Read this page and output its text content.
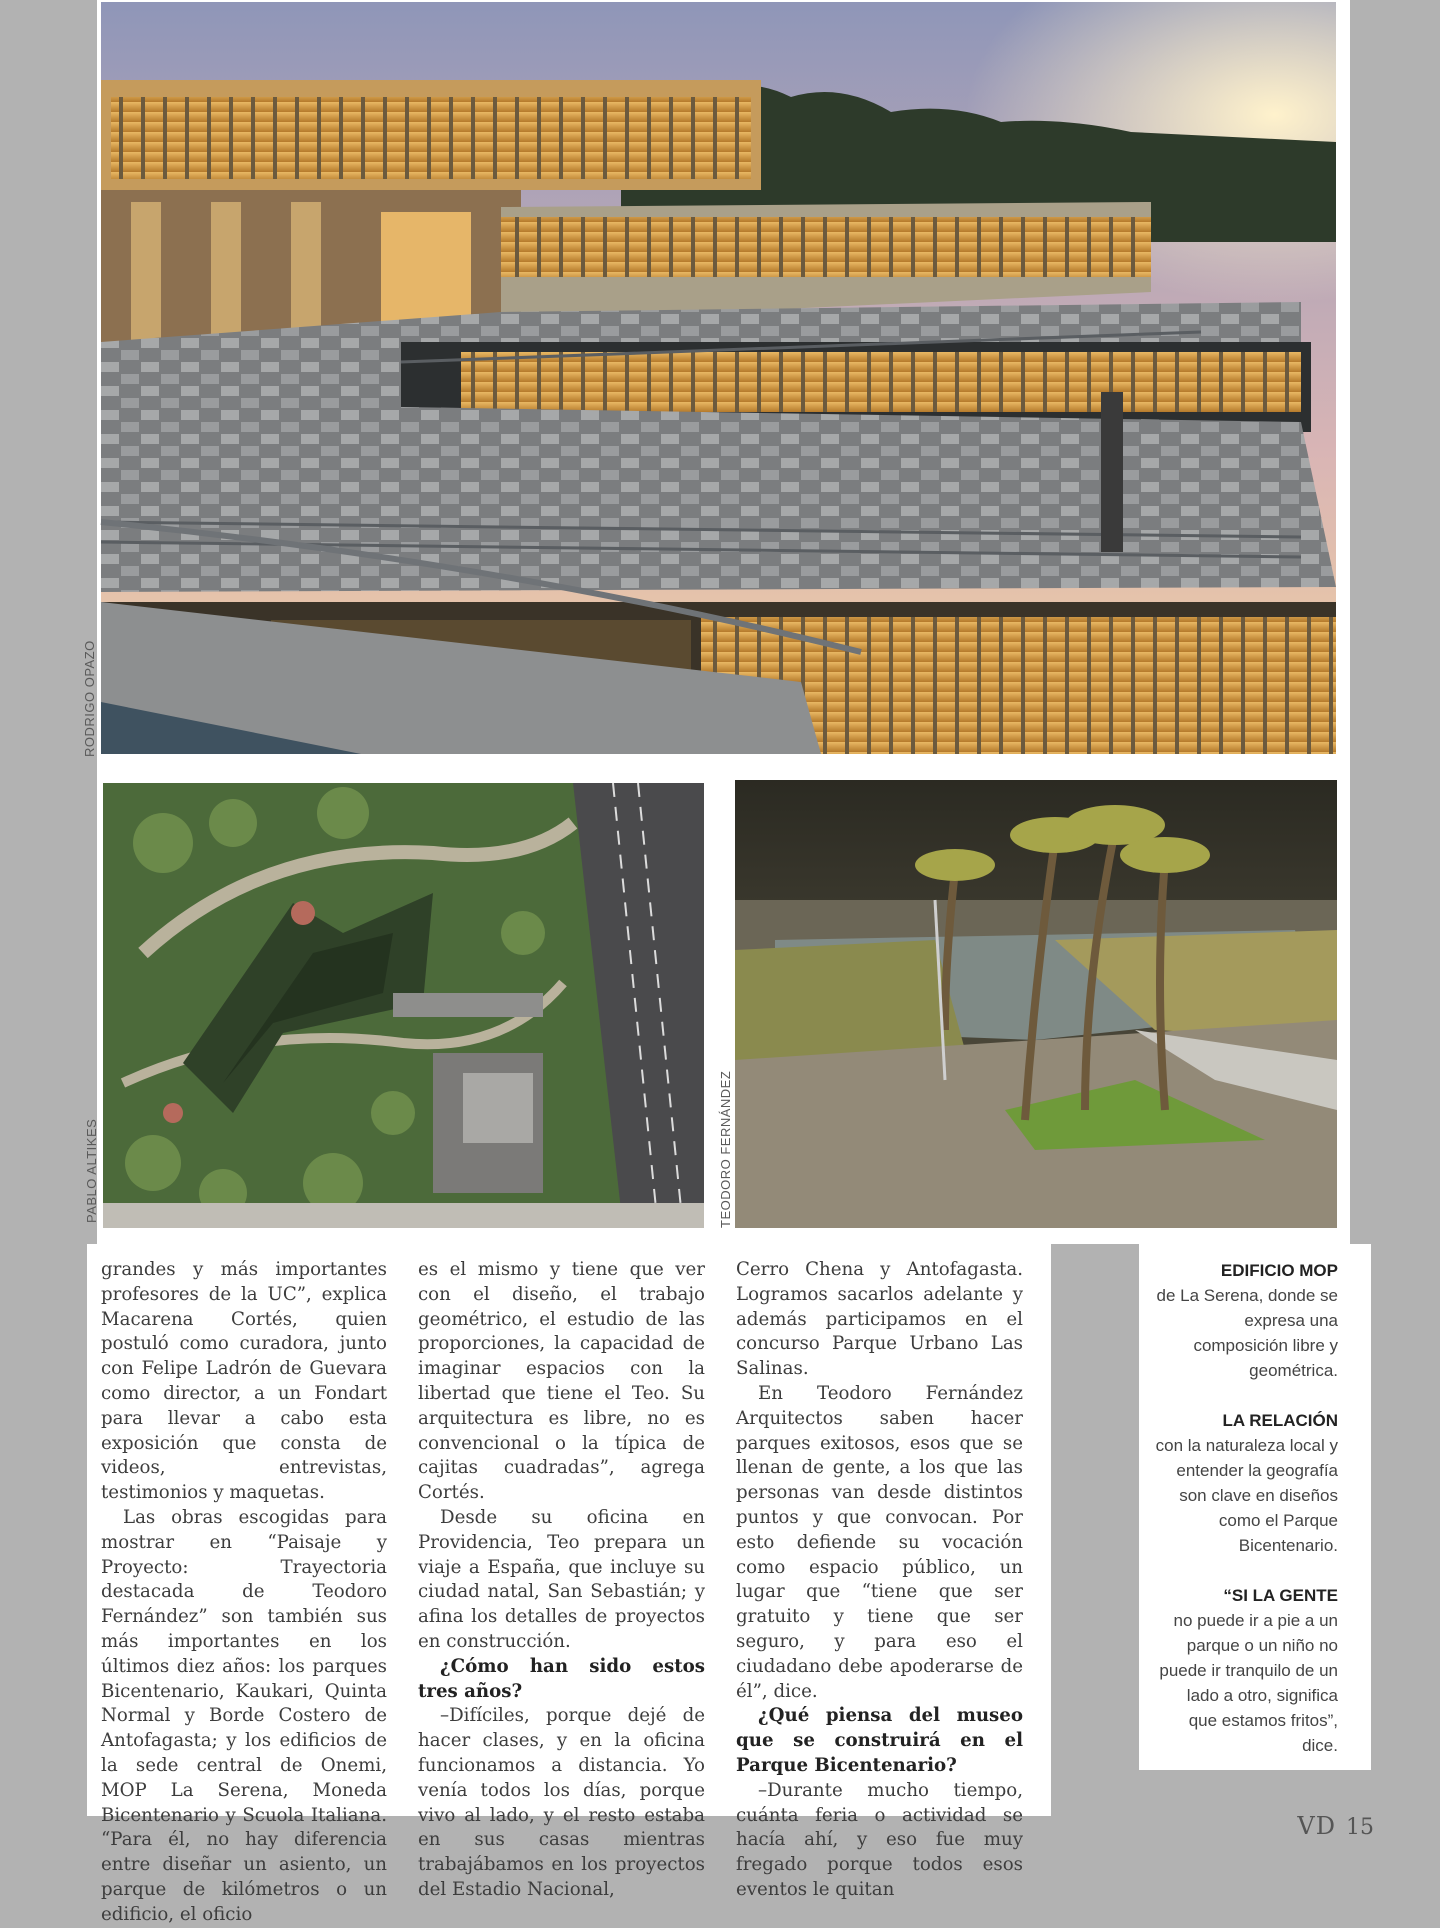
RODRIGO OPAZO
PABLO ALTIKES	TEODORO FERNÁNDEZ

grandes y más importantes profesores de la UC”, explica Macarena Cortés, quien postuló como curadora, junto con Felipe Ladrón de Guevara como director, a un Fondart para llevar a cabo esta exposición que consta de videos, entrevistas, testimonios y maquetas.

Las obras escogidas para mostrar en “Paisaje y Proyecto: Trayectoria destacada de Teodoro Fernández” son también sus más importantes en los últimos diez años: los parques Bicentenario, Kaukari, Quinta Normal y Borde Costero de Antofagasta; y los edificios de la sede central de Onemi, MOP La Serena, Moneda Bicentenario y Scuola Italiana. “Para él, no hay diferencia entre diseñar un asiento, un parque de kilómetros o un edificio, el oficio

es el mismo y tiene que ver con el diseño, el trabajo geométrico, el estudio de las proporciones, la capacidad de imaginar espacios con la libertad que tiene el Teo. Su arquitectura es libre, no es convencional o la típica de cajitas cuadradas”, agrega Cortés.

Desde su oficina en Providencia, Teo prepara un viaje a España, que incluye su ciudad natal, San Sebastián; y afina los detalles de proyectos en construcción.

¿Cómo han sido estos tres años?

–Difíciles, porque dejé de hacer clases, y en la oficina funcionamos a distancia. Yo venía todos los días, porque vivo al lado, y el resto estaba en sus casas mientras trabajábamos en los proyectos del Estadio Nacional,

Cerro Chena y Antofagasta. Logramos sacarlos adelante y además participamos en el concurso Parque Urbano Las Salinas.

En Teodoro Fernández Arquitectos saben hacer parques exitosos, esos que se llenan de gente, a los que las personas van desde distintos puntos y que convocan. Por esto defiende su vocación como espacio público, un lugar que “tiene que ser gratuito y tiene que ser seguro, y para eso el ciudadano debe apoderarse de él”, dice.

¿Qué piensa del museo que se construirá en el Parque Bicentenario?

–Durante mucho tiempo, cuánta feria o actividad se hacía ahí, y eso fue muy fregado porque todos esos eventos le quitan

EDIFICIO MOP
de La Serena, donde se expresa una composición libre y geométrica.
LA RELACIÓN
con la naturaleza local y entender la geografía son clave en diseños como el Parque Bicentenario.
“SI LA GENTE
no puede ir a pie a un parque o un niño no puede ir tranquilo de un lado a otro, significa que estamos fritos”, dice.
VD 15
